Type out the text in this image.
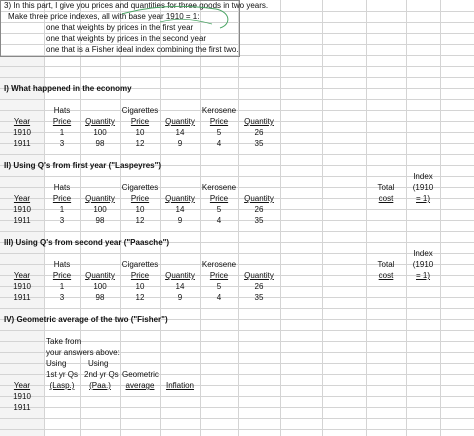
3) In this part, I give you prices and quantities for three goods in two years.
Make three price indexes, all with base year 1910 = 1:
one that weights by prices in the first year
one that weights by prices in the second year
one that is a Fisher ideal index combining the first two.
I) What happened in the economy
Hats	Cigarettes	Kerosene
Year	Price Quantity Price Quantity Price Quantity
1910	1	100	10	14	5	26
1911	3	98	12	9	4	35
II) Using Q's from first year ("Laspeyres")
Index
Hats	Cigarettes	Kerosene	Total (1910
Year	Price Quantity Price Quantity Price Quantity	cost	= 1)
1910	1	100	10	14	5	26
1911	3	98	12	9	4	35
III) Using Q's from second year ("Paasche")
Index
Hats	Cigarettes	Kerosene	Total (1910
Year	Price Quantity Price Quantity Price Quantity	cost	= 1)
1910	1	100	10	14	5	26
1911	3	98	12	9	4	35
IV) Geometric average of the two ("Fisher")
Take from
your answers above:
Using	Using
1st yr Qs 2nd yr Qs Geometric
Year (Lasp.) (Paa.) average Inflation
1910
1911
